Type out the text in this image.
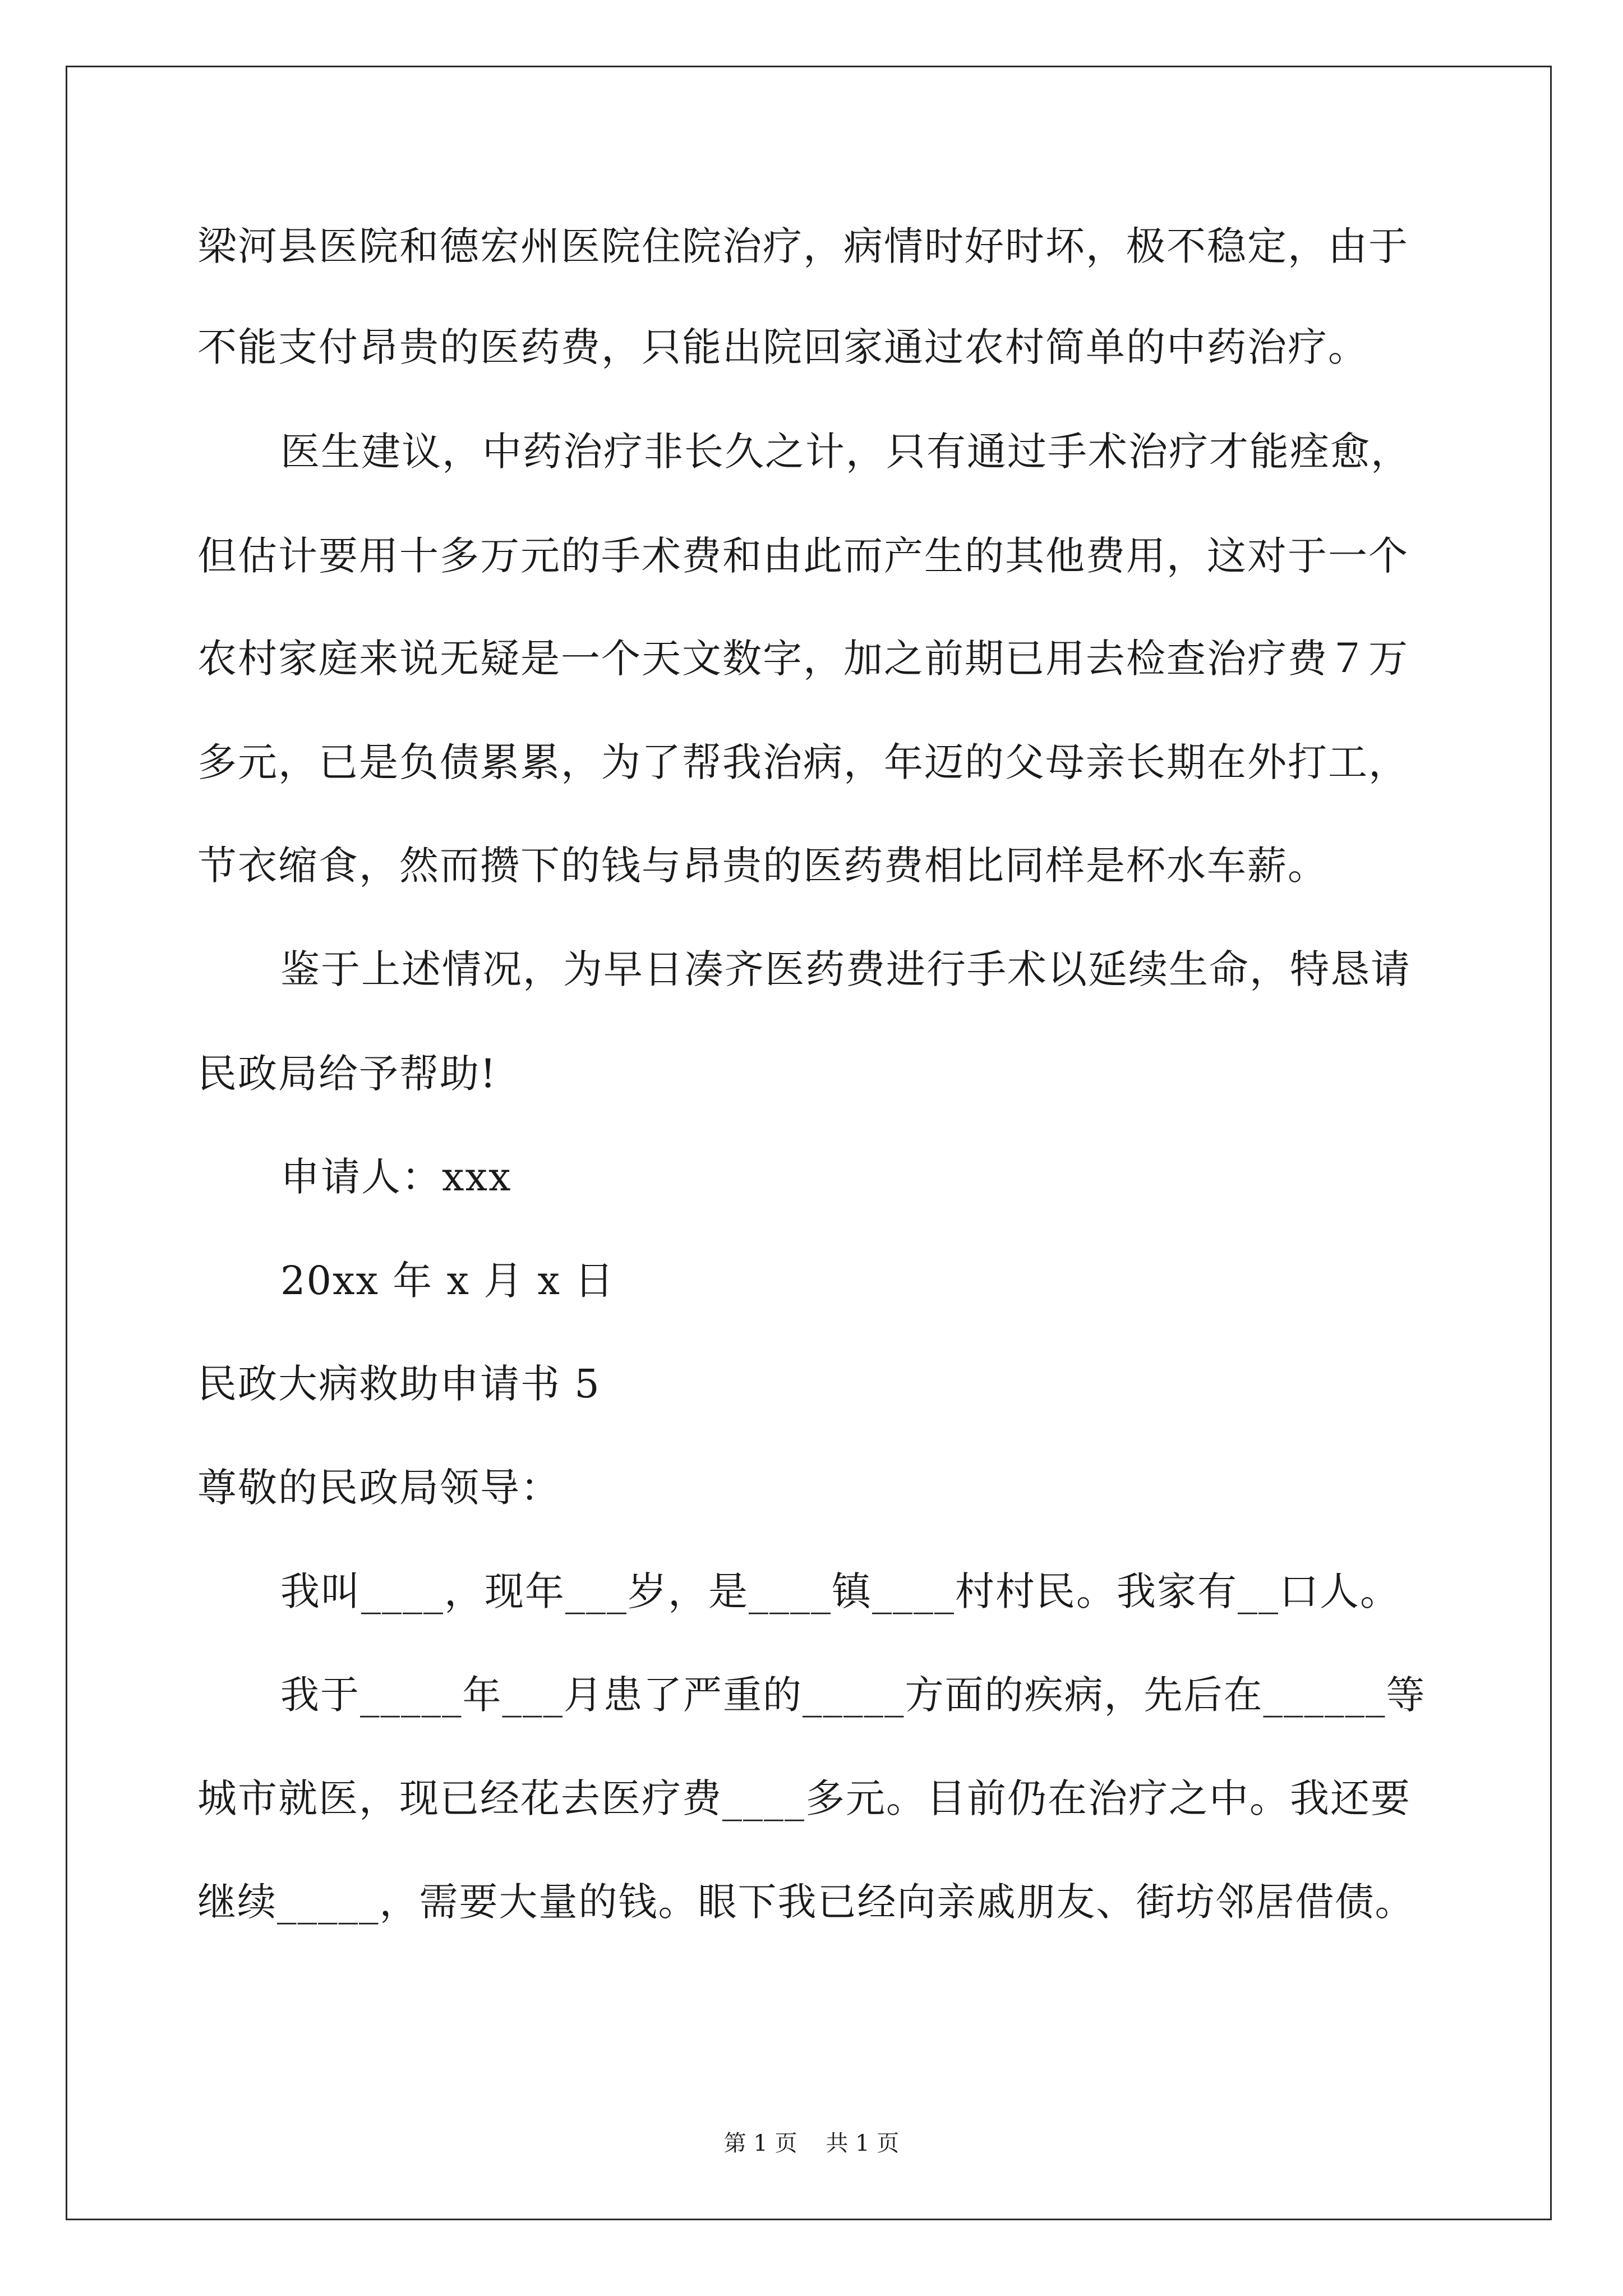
梁河县医院和德宏州医院住院治疗，病情时好时坏，极不稳定，由于
不能支付昂贵的医药费，只能出院回家通过农村简单的中药治疗。
医生建议，中药治疗非长久之计，只有通过手术治疗才能痊愈，
但估计要用十多万元的手术费和由此而产生的其他费用，这对于一个
农村家庭来说无疑是一个天文数字，加之前期已用去检查治疗费７万
多元，已是负债累累，为了帮我治病，年迈的父母亲长期在外打工，
节衣缩食，然而攒下的钱与昂贵的医药费相比同样是杯水车薪。
鉴于上述情况，为早日凑齐医药费进行手术以延续生命，特恳请
民政局给予帮助!
申请人：xxx
20xx 年 x 月 x 日
民政大病救助申请书 5
尊敬的民政局领导：
我叫____，现年___岁，是____镇____村村民。我家有__口人。
我于_____年___月患了严重的_____方面的疾病，先后在______等
城市就医，现已经花去医疗费____多元。目前仍在治疗之中。我还要
继续_____，需要大量的钱。眼下我已经向亲戚朋友、街坊邻居借债。
第 1 页    共 1 页
